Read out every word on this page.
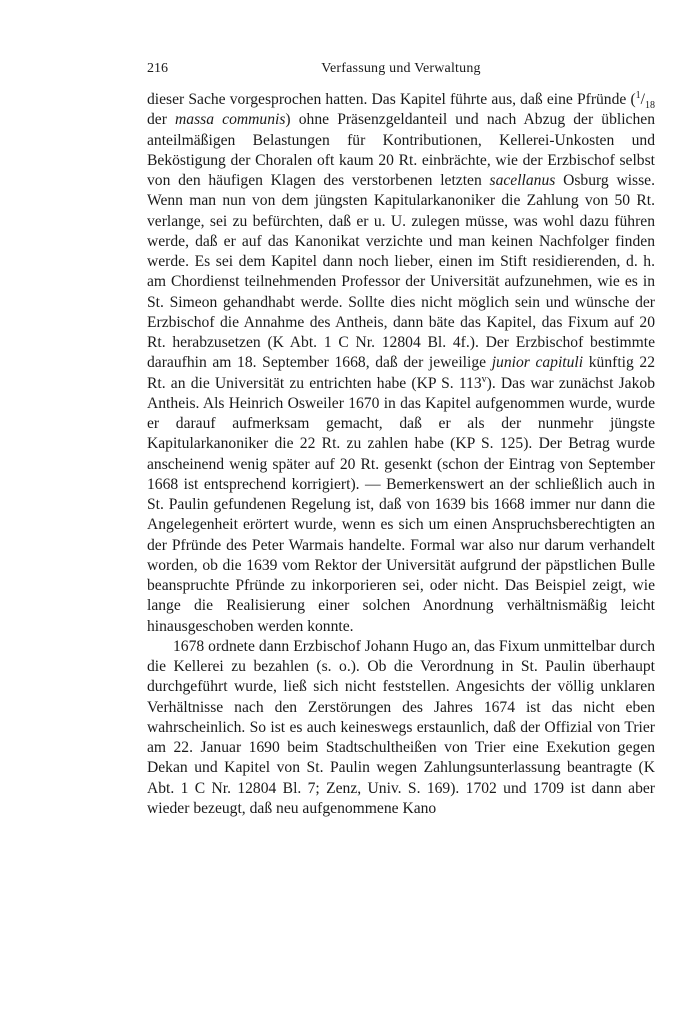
216	Verfassung und Verwaltung

dieser Sache vorgesprochen hatten. Das Kapitel führte aus, daß eine Pfründe ($^1/_{18}$ der massa communis) ohne Präsenzgeldanteil und nach Abzug der üblichen anteilmäßigen Belastungen für Kontributionen, Kellerei-Unkosten und Beköstigung der Choralen oft kaum 20 Rt. einbrächte, wie der Erzbischof selbst von den häufigen Klagen des verstorbenen letzten sacellanus Osburg wisse. Wenn man nun von dem jüngsten Kapitularkanoniker die Zahlung von 50 Rt. verlange, sei zu befürchten, daß er u. U. zulegen müsse, was wohl dazu führen werde, daß er auf das Kanonikat verzichte und man keinen Nachfolger finden werde. Es sei dem Kapitel dann noch lieber, einen im Stift residierenden, d. h. am Chordienst teilnehmenden Professor der Universität aufzunehmen, wie es in St. Simeon gehandhabt werde. Sollte dies nicht möglich sein und wünsche der Erzbischof die Annahme des Antheis, dann bäte das Kapitel, das Fixum auf 20 Rt. herabzusetzen (K Abt. 1 C Nr. 12804 Bl. 4f.). Der Erzbischof bestimmte daraufhin am 18. September 1668, daß der jeweilige junior capituli künftig 22 Rt. an die Universität zu entrichten habe (KP S. 113$^v$). Das war zunächst Jakob Antheis. Als Heinrich Osweiler 1670 in das Kapitel aufgenommen wurde, wurde er darauf aufmerksam gemacht, daß er als der nunmehr jüngste Kapitularkanoniker die 22 Rt. zu zahlen habe (KP S. 125). Der Betrag wurde anscheinend wenig später auf 20 Rt. gesenkt (schon der Eintrag von September 1668 ist entsprechend korrigiert). — Bemerkenswert an der schließlich auch in St. Paulin gefundenen Regelung ist, daß von 1639 bis 1668 immer nur dann die Angelegenheit erörtert wurde, wenn es sich um einen Anspruchsberechtigten an der Pfründe des Peter Warmais handelte. Formal war also nur darum verhandelt worden, ob die 1639 vom Rektor der Universität aufgrund der päpstlichen Bulle beanspruchte Pfründe zu inkorporieren sei, oder nicht. Das Beispiel zeigt, wie lange die Realisierung einer solchen Anordnung verhältnismäßig leicht hinausgeschoben werden konnte.

1678 ordnete dann Erzbischof Johann Hugo an, das Fixum unmittelbar durch die Kellerei zu bezahlen (s. o.). Ob die Verordnung in St. Paulin überhaupt durchgeführt wurde, ließ sich nicht feststellen. Angesichts der völlig unklaren Verhältnisse nach den Zerstörungen des Jahres 1674 ist das nicht eben wahrscheinlich. So ist es auch keineswegs erstaunlich, daß der Offizial von Trier am 22. Januar 1690 beim Stadtschultheißen von Trier eine Exekution gegen Dekan und Kapitel von St. Paulin wegen Zahlungsunterlassung beantragte (K Abt. 1 C Nr. 12804 Bl. 7; Zenz, Univ. S. 169). 1702 und 1709 ist dann aber wieder bezeugt, daß neu aufgenommene Kano
